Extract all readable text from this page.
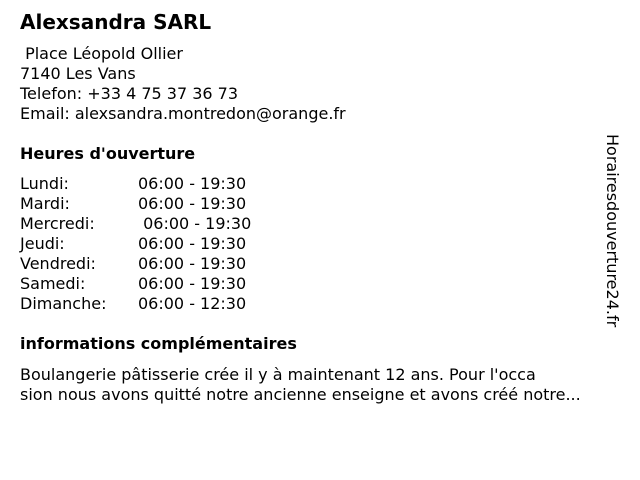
Alexsandra SARL
Place Léopold Ollier
7140 Les Vans
Telefon: +33 4 75 37 36 73
Email: alexsandra.montredon@orange.fr
Heures d'ouverture
Lundi:	06:00 - 19:30
Mardi:	06:00 - 19:30
Mercredi:	06:00 - 19:30
Jeudi:	06:00 - 19:30
Vendredi:	06:00 - 19:30
Samedi:	06:00 - 19:30
Dimanche: 06:00 - 12:30
informations complémentaires
Boulangerie pâtisserie crée il y à maintenant 12 ans. Pour l'occa
sion nous avons quitté notre ancienne enseigne et avons créé notre...
Horairesdouverture24.fr
